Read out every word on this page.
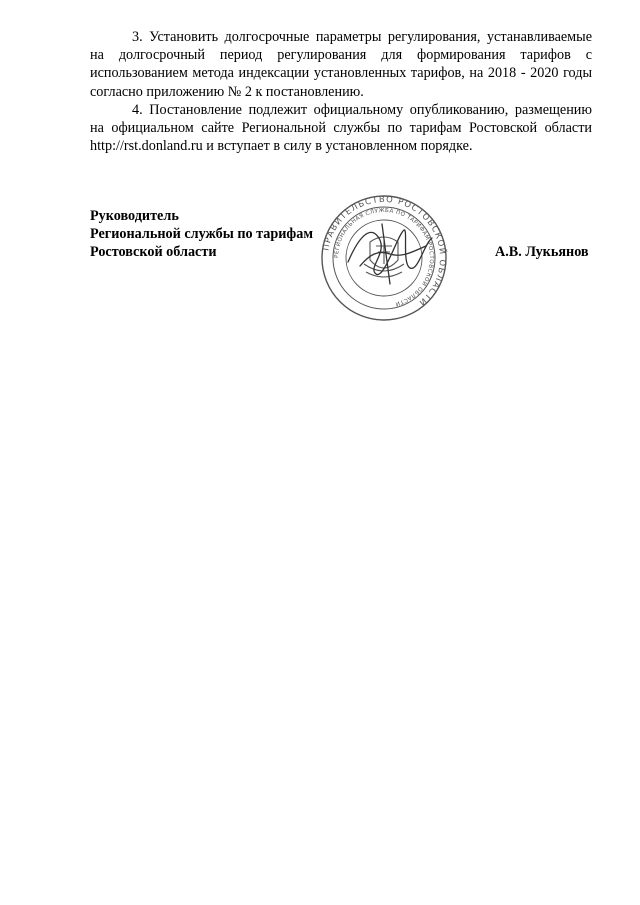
3. Установить долгосрочные параметры регулирования, устанавливаемые на долгосрочный период регулирования для формирования тарифов с использованием метода индексации установленных тарифов, на 2018 - 2020 годы согласно приложению № 2 к постановлению.

4. Постановление подлежит официальному опубликованию, размещению на официальном сайте Региональной службы по тарифам Ростовской области http://rst.donland.ru и вступает в силу в установленном порядке.

Руководитель
Региональной службы по тарифам
Ростовской области	А.В. Лукьянов
ПРАВИТЕЛЬСТВО РОСТОВСКОЙ ОБЛАСТИ
РЕГИОНАЛЬНАЯ СЛУЖБА ПО ТАРИФАМ РОСТОВСКОЙ ОБЛАСТИ
